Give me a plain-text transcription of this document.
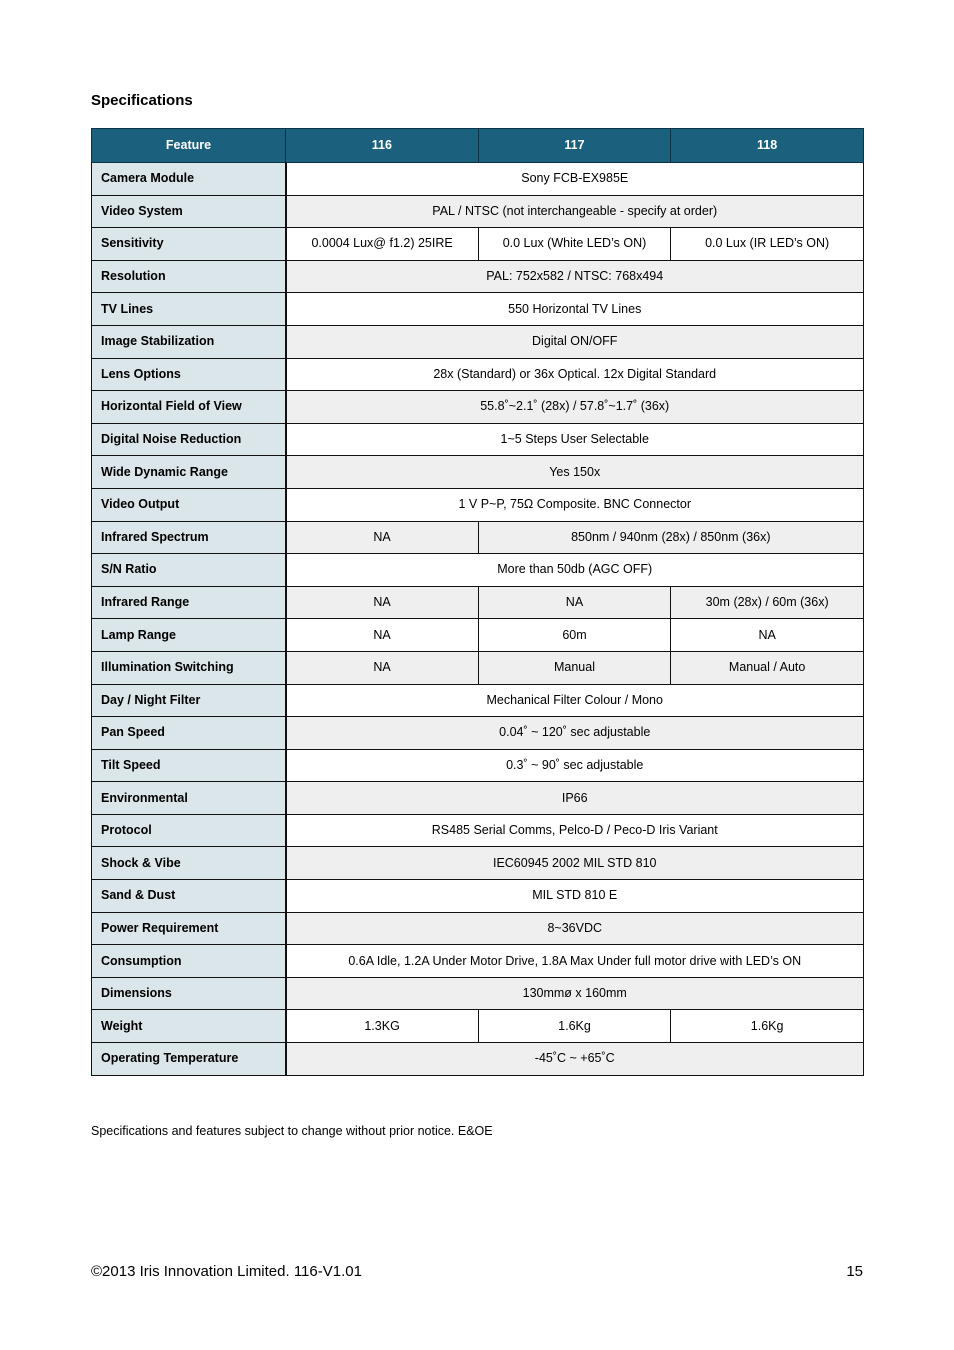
Specifications
Feature	116	117	118
Camera Module	Sony FCB-EX985E		
Video System	PAL / NTSC (not interchangeable - specify at order)		
Sensitivity	0.0004 Lux@ f1.2) 25IRE	0.0 Lux (White LED’s ON)	0.0 Lux (IR LED’s ON)
Resolution	PAL: 752x582 / NTSC: 768x494		
TV Lines	550 Horizontal TV Lines		
Image Stabilization	Digital ON/OFF		
Lens Options	28x (Standard) or 36x Optical. 12x Digital Standard		
Horizontal Field of View	55.8˚~2.1˚ (28x) / 57.8˚~1.7˚ (36x)		
Digital Noise Reduction	1~5 Steps User Selectable		
Wide Dynamic Range	Yes 150x		
Video Output	1 V P~P, 75Ω Composite. BNC Connector		
Infrared Spectrum	NA	850nm / 940nm (28x) / 850nm (36x)	
S/N Ratio	More than 50db (AGC OFF)		
Infrared Range	NA	NA	30m (28x) / 60m (36x)
Lamp Range	NA	60m	NA
Illumination Switching	NA	Manual	Manual / Auto
Day / Night Filter	Mechanical Filter Colour / Mono		
Pan Speed	0.04˚ ~ 120˚ sec adjustable		
Tilt Speed	0.3˚ ~ 90˚ sec adjustable		
Environmental	IP66		
Protocol	RS485 Serial Comms, Pelco-D / Peco-D Iris Variant		
Shock & Vibe	IEC60945 2002 MIL STD 810		
Sand & Dust	MIL STD 810 E		
Power Requirement	8~36VDC		
Consumption	0.6A Idle, 1.2A Under Motor Drive, 1.8A Max Under full motor drive with LED’s ON		
Dimensions	130mmø x 160mm		
Weight	1.3KG	1.6Kg	1.6Kg
Operating Temperature	-45˚C ~ +65˚C		

Specifications and features subject to change without prior notice. E&OE

©2013 Iris Innovation Limited. 116-V1.01	15
